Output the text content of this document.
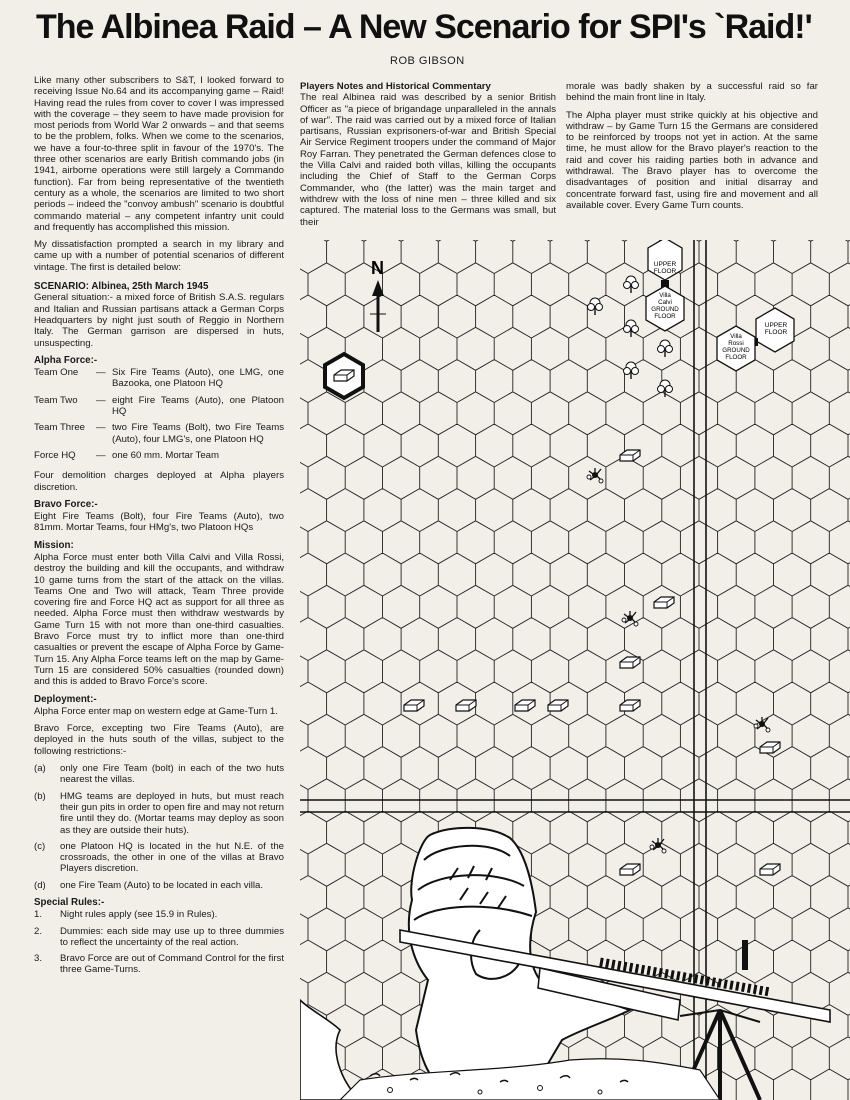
The Albinea Raid – A New Scenario for SPI's `Raid!'
ROB GIBSON

Like many other subscribers to S&T, I looked forward to receiving Issue No.64 and its accompanying game – Raid! Having read the rules from cover to cover I was impressed with the coverage – they seem to have made provision for most periods from World War 2 onwards – and that seems to be the problem, folks. When we come to the scenarios, we have a four-to-three split in favour of the 1970's. The three other scenarios are early British commando jobs (in 1941, airborne operations were still largely a Commando function). Far from being representative of the twentieth century as a whole, the scenarios are limited to two short periods – indeed the "convoy ambush" scenario is doubtful commando material – any competent infantry unit could and frequently has accomplished this mission.

My dissatisfaction prompted a search in my library and came up with a number of potential scenarios of different vintage. The first is detailed below:

SCENARIO: Albinea, 25th March 1945

General situation:- a mixed force of British S.A.S. regulars and Italian and Russian partisans attack a German Corps Headquarters by night just south of Reggio in Northern Italy. The German garrison are dispersed in huts, unsuspecting.

Alpha Force:-
Team One	—	Six Fire Teams (Auto), one LMG, one Bazooka, one Platoon HQ
Team Two	—	eight Fire Teams (Auto), one Platoon HQ
Team Three	—	two Fire Teams (Bolt), two Fire Teams (Auto), four LMG's, one Platoon HQ
Force HQ	—	one 60 mm. Mortar Team

Four demolition charges deployed at Alpha players discretion.

Bravo Force:-

Eight Fire Teams (Bolt), four Fire Teams (Auto), two 81mm. Mortar Teams, four HMg's, two Platoon HQs

Mission:

Alpha Force must enter both Villa Calvi and Villa Rossi, destroy the building and kill the occupants, and withdraw 10 game turns from the start of the attack on the villas. Teams One and Two will attack, Team Three provide covering fire and Force HQ act as support for all three as needed. Alpha Force must then withdraw westwards by Game Turn 15 with not more than one-third casualties. Bravo Force must try to inflict more than one-third casualties or prevent the escape of Alpha Force by Game-Turn 15. Any Alpha Force teams left on the map by Game-Turn 15 are considered 50% casualties (rounded down) and this is added to Bravo Force's score.

Deployment:-

Alpha Force enter map on western edge at Game-Turn 1.

Bravo Force, excepting two Fire Teams (Auto), are deployed in the huts south of the villas, subject to the following restrictions:-

(a)	only one Fire Team (bolt) in each of the two huts nearest the villas.
(b)	HMG teams are deployed in huts, but must reach their gun pits in order to open fire and may not return fire until they do. (Mortar teams may deploy as soon as they are outside their huts).
(c)	one Platoon HQ is located in the hut N.E. of the crossroads, the other in one of the villas at Bravo Players discretion.
(d)	one Fire Team (Auto) to be located in each villa.
Special Rules:-
1.	Night rules apply (see 15.9 in Rules).
2.	Dummies: each side may use up to three dummies to reflect the uncertainty of the real action.
3.	Bravo Force are out of Command Control for the first three Game-Turns.

Players Notes and Historical Commentary

The real Albinea raid was described by a senior British Officer as "a piece of brigandage unparalleled in the annals of war". The raid was carried out by a mixed force of Italian partisans, Russian exprisoners-of-war and British Special Air Service Regiment troopers under the command of Major Roy Farran. They penetrated the German defences close to the Villa Calvi and raided both villas, killing the occupants including the Chief of Staff to the German Corps Commander, who (the latter) was the main target and withdrew with the loss of nine men – three killed and six captured. The material loss to the Germans was small, but their

morale was badly shaken by a successful raid so far behind the main front line in Italy.

The Alpha player must strike quickly at his objective and withdraw – by Game Turn 15 the Germans are considered to be reinforced by troops not yet in action. At the same time, he must allow for the Bravo player's reaction to the raid and cover his raiding parties both in advance and withdrawal. The Bravo player has to overcome the disadvantages of position and initial disarray and concentrate forward fast, using fire and movement and all available cover. Every Game Turn counts.

N	UPPER FLOOR
Villa Calvi GROUND FLOOR
UPPER FLOOR
Villa Rossi GROUND FLOOR
